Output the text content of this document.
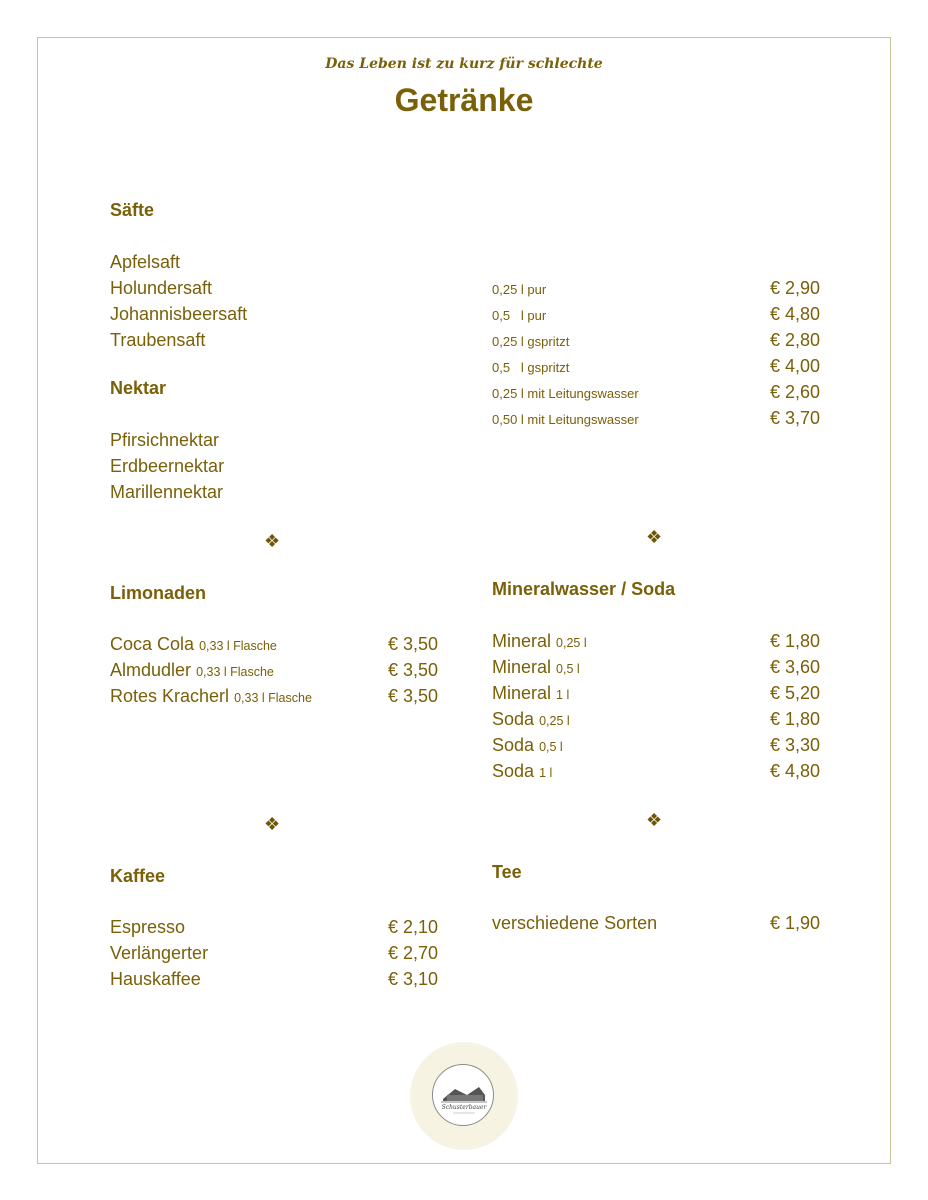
Das Leben ist zu kurz für schlechte
Getränke
Säfte
Apfelsaft
Holundersaft
Johannisbeersaft
Traubensaft
0,25 l pur	€ 2,90
0,5   l pur	€ 4,80
0,25 l gspritzt	€ 2,80
0,5   l gspritzt	€ 4,00
0,25 l mit Leitungswasser	€ 2,60
0,50 l mit Leitungswasser	€ 3,70
Nektar
Pfirsichnektar
Erdbeernektar
Marillennektar
❖	❖
❖	❖
Limonaden
Coca Cola 0,33 l Flasche	€ 3,50
Almdudler 0,33 l Flasche	€ 3,50
Rotes Kracherl 0,33 l Flasche	€ 3,50
Mineralwasser / Soda
Mineral 0,25 l	€ 1,80
Mineral 0,5 l	€ 3,60
Mineral 1 l	€ 5,20
Soda 0,25 l	€ 1,80
Soda 0,5 l	€ 3,30
Soda 1 l	€ 4,80
Kaffee
Espresso	€ 2,10
Verlängerter	€ 2,70
Hauskaffee	€ 3,10
Tee
verschiedene Sorten	€ 1,90
Schusterbauer
